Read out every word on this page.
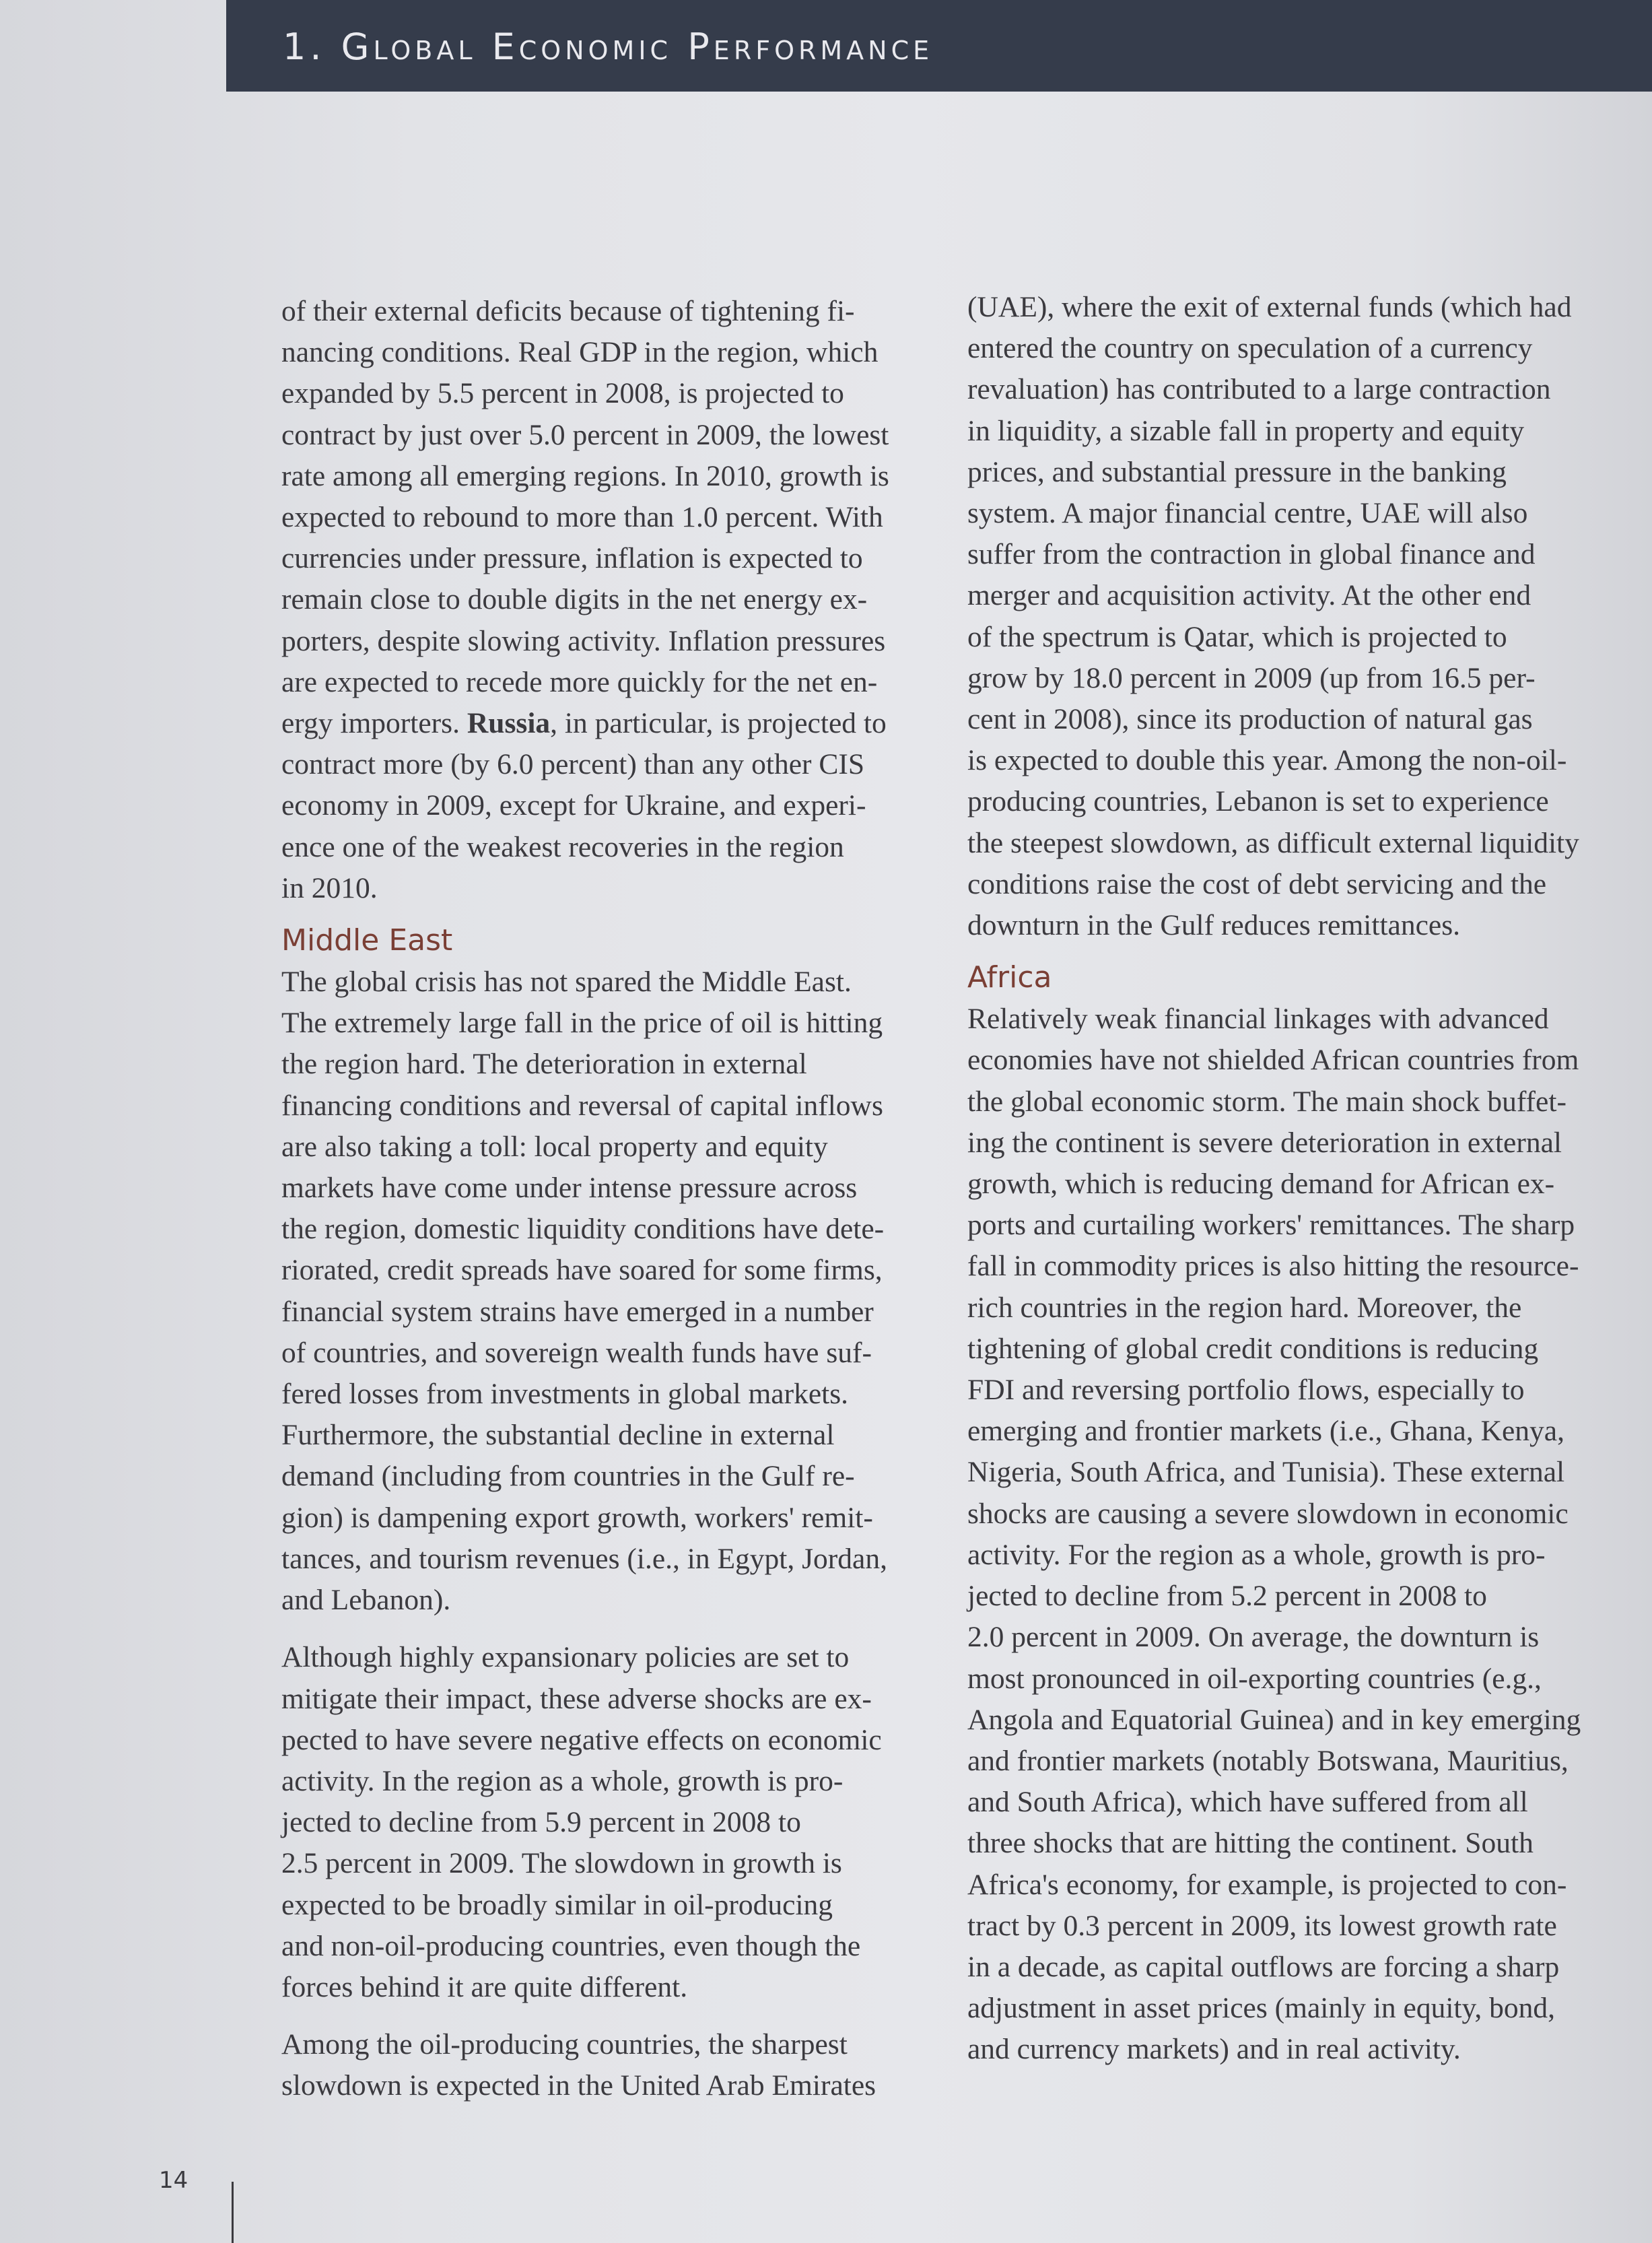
1. Global Economic Performance
of their external deficits because of tightening fi-
nancing conditions. Real GDP in the region, which
expanded by 5.5 percent in 2008, is projected to
contract by just over 5.0 percent in 2009, the lowest
rate among all emerging regions. In 2010, growth is
expected to rebound to more than 1.0 percent. With
currencies under pressure, inflation is expected to
remain close to double digits in the net energy ex-
porters, despite slowing activity. Inflation pressures
are expected to recede more quickly for the net en-
ergy importers. Russia, in particular, is projected to
contract more (by 6.0 percent) than any other CIS
economy in 2009, except for Ukraine, and experi-
ence one of the weakest recoveries in the region
in 2010.
Middle East
The global crisis has not spared the Middle East.
The extremely large fall in the price of oil is hitting
the region hard. The deterioration in external
financing conditions and reversal of capital inflows
are also taking a toll: local property and equity
markets have come under intense pressure across
the region, domestic liquidity conditions have dete-
riorated, credit spreads have soared for some firms,
financial system strains have emerged in a number
of countries, and sovereign wealth funds have suf-
fered losses from investments in global markets.
Furthermore, the substantial decline in external
demand (including from countries in the Gulf re-
gion) is dampening export growth, workers' remit-
tances, and tourism revenues (i.e., in Egypt, Jordan,
and Lebanon).
Although highly expansionary policies are set to
mitigate their impact, these adverse shocks are ex-
pected to have severe negative effects on economic
activity. In the region as a whole, growth is pro-
jected to decline from 5.9 percent in 2008 to
2.5 percent in 2009. The slowdown in growth is
expected to be broadly similar in oil-producing
and non-oil-producing countries, even though the
forces behind it are quite different.
Among the oil-producing countries, the sharpest
slowdown is expected in the United Arab Emirates
(UAE), where the exit of external funds (which had
entered the country on speculation of a currency
revaluation) has contributed to a large contraction
in liquidity, a sizable fall in property and equity
prices, and substantial pressure in the banking
system. A major financial centre, UAE will also
suffer from the contraction in global finance and
merger and acquisition activity. At the other end
of the spectrum is Qatar, which is projected to
grow by 18.0 percent in 2009 (up from 16.5 per-
cent in 2008), since its production of natural gas
is expected to double this year. Among the non-oil-
producing countries, Lebanon is set to experience
the steepest slowdown, as difficult external liquidity
conditions raise the cost of debt servicing and the
downturn in the Gulf reduces remittances.
Africa
Relatively weak financial linkages with advanced
economies have not shielded African countries from
the global economic storm. The main shock buffet-
ing the continent is severe deterioration in external
growth, which is reducing demand for African ex-
ports and curtailing workers' remittances. The sharp
fall in commodity prices is also hitting the resource-
rich countries in the region hard. Moreover, the
tightening of global credit conditions is reducing
FDI and reversing portfolio flows, especially to
emerging and frontier markets (i.e., Ghana, Kenya,
Nigeria, South Africa, and Tunisia). These external
shocks are causing a severe slowdown in economic
activity. For the region as a whole, growth is pro-
jected to decline from 5.2 percent in 2008 to
2.0 percent in 2009. On average, the downturn is
most pronounced in oil-exporting countries (e.g.,
Angola and Equatorial Guinea) and in key emerging
and frontier markets (notably Botswana, Mauritius,
and South Africa), which have suffered from all
three shocks that are hitting the continent. South
Africa's economy, for example, is projected to con-
tract by 0.3 percent in 2009, its lowest growth rate
in a decade, as capital outflows are forcing a sharp
adjustment in asset prices (mainly in equity, bond,
and currency markets) and in real activity.
14
